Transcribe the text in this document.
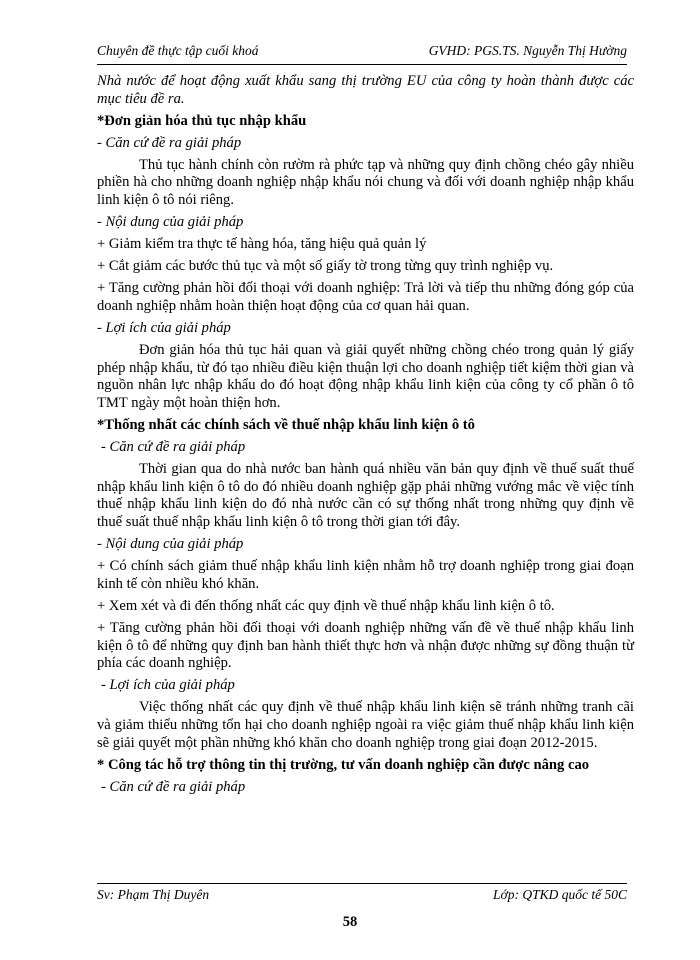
Chuyên đề thực tập cuối khoá	GVHD: PGS.TS. Nguyễn Thị Hường

Nhà nước để hoạt động xuất khẩu sang thị trường EU của công ty hoàn thành được các mục tiêu đề ra.

*Đơn giản hóa thủ tục nhập khẩu

- Căn cứ đề ra giải pháp

Thủ tục hành chính còn rườm rà phức tạp và những quy định chồng chéo gây nhiều phiền hà cho những doanh nghiệp nhập khẩu nói chung và đối với doanh nghiệp nhập khẩu linh kiện ô tô nói riêng.

- Nội dung của giải pháp

+ Giảm kiểm tra thực tế hàng hóa, tăng hiệu quả quản lý

+ Cắt giảm các bước thủ tục và một số giấy tờ trong từng quy trình nghiệp vụ.

+ Tăng cường phản hồi đối thoại với doanh nghiệp: Trả lời và tiếp thu những đóng góp của doanh nghiệp nhằm hoàn thiện hoạt động của cơ quan hải quan.

- Lợi ích của giải pháp

Đơn giản hóa thủ tục hải quan và giải quyết những chồng chéo trong quản lý giấy phép nhập khẩu, từ đó tạo nhiều điều kiện thuận lợi cho doanh nghiệp tiết kiệm thời gian và nguồn nhân lực nhập khẩu do đó hoạt động nhập khẩu linh kiện của công ty cổ phần ô tô TMT ngày một hoàn thiện hơn.

*Thống nhất các chính sách về thuế nhập khẩu linh kiện ô tô

- Căn cứ đề ra giải pháp

Thời gian qua do nhà nước ban hành quá nhiều văn bản quy định về thuế suất thuế nhập khẩu linh kiện ô tô do đó nhiều doanh nghiệp gặp phải những vướng mắc về việc tính thuế nhập khẩu linh kiện do đó nhà nước cần có sự thống nhất trong những quy định về thuế suất thuế nhập khẩu linh kiện ô tô trong thời gian tới đây.

- Nội dung của giải pháp

+ Có chính sách giảm thuế nhập khẩu linh kiện nhằm hỗ trợ doanh nghiệp trong giai đoạn kinh tế còn nhiều khó khăn.

+ Xem xét và đi đến thống nhất các quy định về thuế nhập khẩu linh kiện ô tô.

+ Tăng cường phản hồi đối thoại với doanh nghiệp những vấn đề về thuế nhập khẩu linh kiện ô tô để những quy định ban hành thiết thực hơn và nhận được những sự đồng thuận từ phía các doanh nghiệp.

- Lợi ích của giải pháp

Việc thống nhất các quy định về thuế nhập khẩu linh kiện sẽ tránh những tranh cãi và giảm thiểu những tổn hại cho doanh nghiệp ngoài ra việc giảm thuế nhập khẩu linh kiện sẽ giải quyết một phần những khó khăn cho doanh nghiệp trong giai đoạn 2012-2015.

* Công tác hỗ trợ thông tin thị trường, tư vấn doanh nghiệp cần được nâng cao

- Căn cứ đề ra giải pháp

Sv: Phạm Thị Duyên	Lớp: QTKD quốc tế 50C
58
